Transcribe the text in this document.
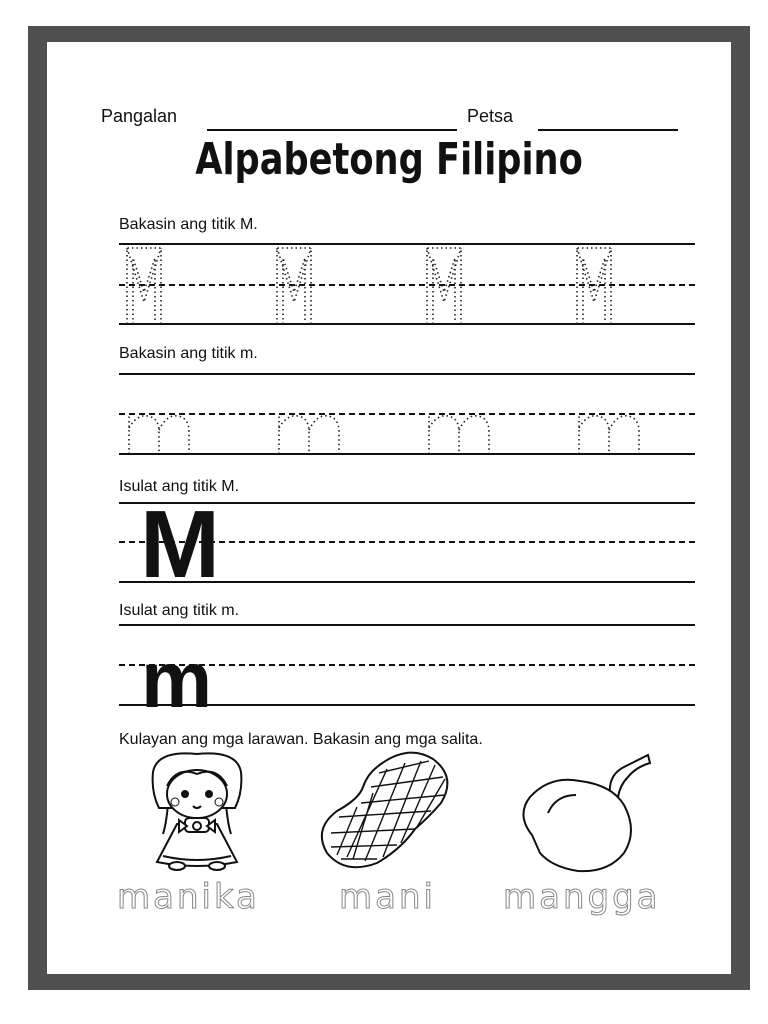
Pangalan	Petsa
Alpabetong Filipino
Bakasin ang titik M.
Bakasin ang titik m.
Isulat ang titik M.
M
Isulat ang titik m.
m
Kulayan ang mga larawan. Bakasin ang mga salita.
manika mani mangga
